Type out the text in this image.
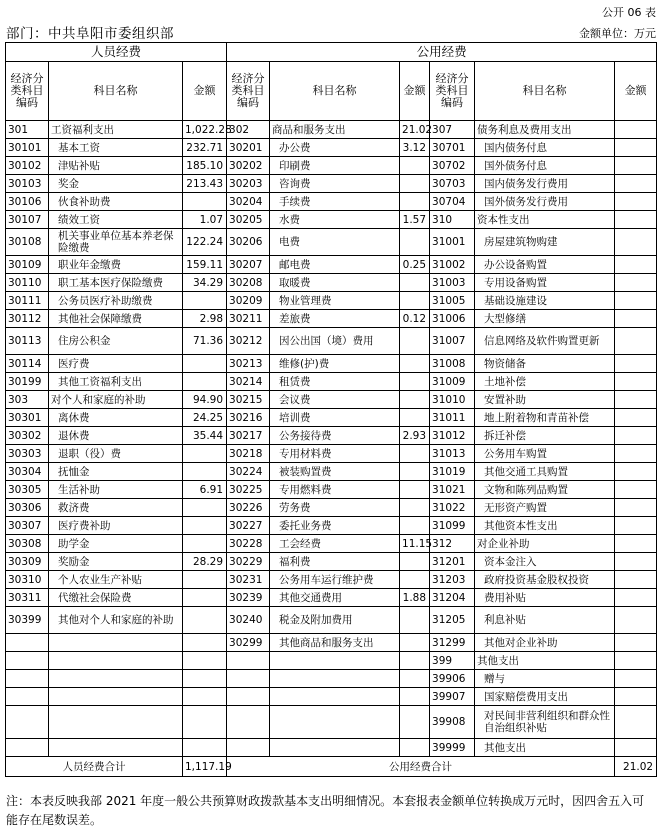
公开 06 表
部门：中共阜阳市委组织部	金额单位：万元
人员经费			公用经费					
经济分类科目编码	科目名称	金额	经济分类科目编码	科目名称	金额	经济分类科目编码	科目名称	金额
301	工资福利支出	1,022.28	302	商品和服务支出	21.02	307	债务利息及费用支出	
30101	基本工资	232.71	30201	办公费	3.12	30701	国内债务付息	
30102	津贴补贴	185.10	30202	印刷费		30702	国外债务付息	
30103	奖金	213.43	30203	咨询费		30703	国内债务发行费用	
30106	伙食补助费		30204	手续费		30704	国外债务发行费用	
30107	绩效工资	1.07	30205	水费	1.57	310	资本性支出	
30108	机关事业单位基本养老保险缴费	122.24	30206	电费		31001	房屋建筑物购建	
30109	职业年金缴费	159.11	30207	邮电费	0.25	31002	办公设备购置	
30110	职工基本医疗保险缴费	34.29	30208	取暖费		31003	专用设备购置	
30111	公务员医疗补助缴费		30209	物业管理费		31005	基础设施建设	
30112	其他社会保障缴费	2.98	30211	差旅费	0.12	31006	大型修缮	
30113	住房公积金	71.36	30212	因公出国（境）费用		31007	信息网络及软件购置更新	
30114	医疗费		30213	维修(护)费		31008	物资储备	
30199	其他工资福利支出		30214	租赁费		31009	土地补偿	
303	对个人和家庭的补助	94.90	30215	会议费		31010	安置补助	
30301	离休费	24.25	30216	培训费		31011	地上附着物和青苗补偿	
30302	退休费	35.44	30217	公务接待费	2.93	31012	拆迁补偿	
30303	退职（役）费		30218	专用材料费		31013	公务用车购置	
30304	抚恤金		30224	被装购置费		31019	其他交通工具购置	
30305	生活补助	6.91	30225	专用燃料费		31021	文物和陈列品购置	
30306	救济费		30226	劳务费		31022	无形资产购置	
30307	医疗费补助		30227	委托业务费		31099	其他资本性支出	
30308	助学金		30228	工会经费	11.15	312	对企业补助	
30309	奖励金	28.29	30229	福利费		31201	资本金注入	
30310	个人农业生产补贴		30231	公务用车运行维护费		31203	政府投资基金股权投资	
30311	代缴社会保险费		30239	其他交通费用	1.88	31204	费用补贴	
30399	其他对个人和家庭的补助		30240	税金及附加费用		31205	利息补贴	
			30299	其他商品和服务支出		31299	其他对企业补助	
						399	其他支出	
						39906	赠与	
						39907	国家赔偿费用支出	
						39908	对民间非营利组织和群众性自治组织补贴	
						39999	其他支出	
人员经费合计		1,117.19	公用经费合计					21.02
注：本表反映我部 2021 年度一般公共预算财政拨款基本支出明细情况。本套报表金额单位转换成万元时，因四舍五入可能存在尾数误差。
